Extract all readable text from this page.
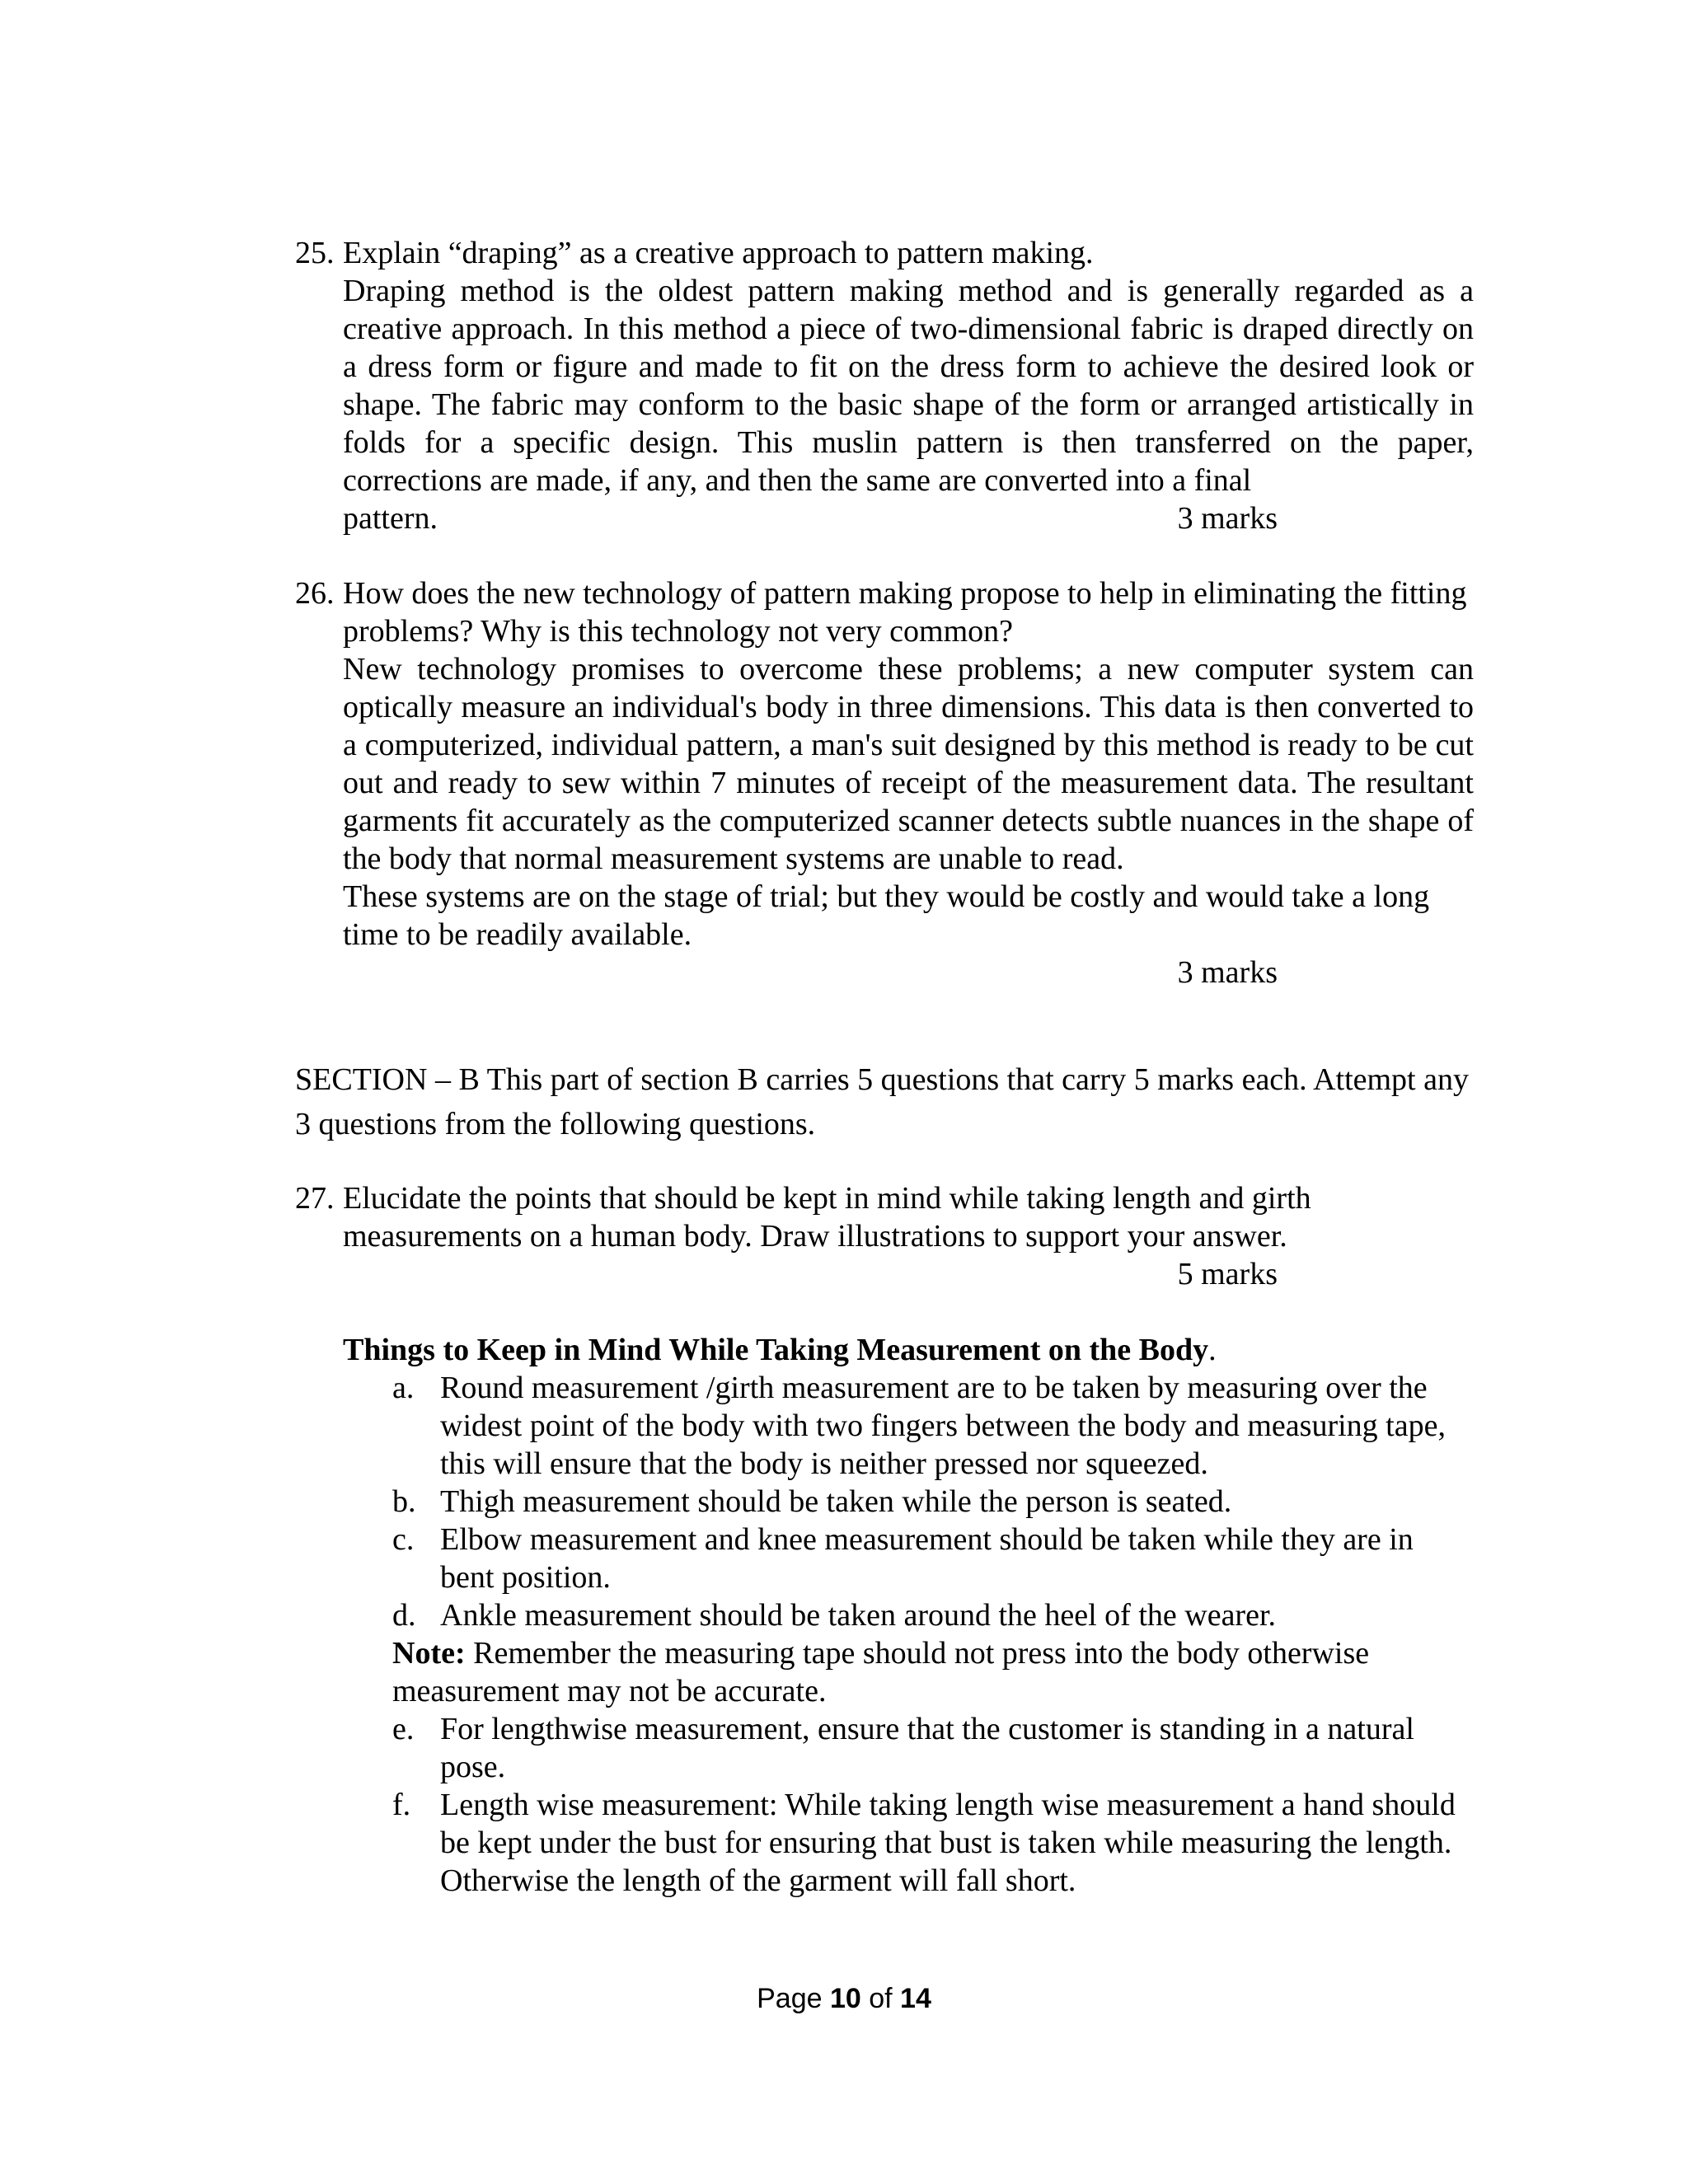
25. Explain “draping” as a creative approach to pattern making.
Draping method is the oldest pattern making method and is generally regarded as a creative approach. In this method a piece of two-dimensional fabric is draped directly on a dress form or figure and made to fit on the dress form to achieve the desired look or shape. The fabric may conform to the basic shape of the form or arranged artistically in folds for a specific design. This muslin pattern is then transferred on the paper, corrections are made, if any, and then the same are converted into a final
pattern.	3 marks
26. How does the new technology of pattern making propose to help in eliminating the fitting problems? Why is this technology not very common?
New technology promises to overcome these problems; a new computer system can optically measure an individual's body in three dimensions. This data is then converted to a computerized, individual pattern, a man's suit designed by this method is ready to be cut out and ready to sew within 7 minutes of receipt of the measurement data. The resultant garments fit accurately as the computerized scanner detects subtle nuances in the shape of the body that normal measurement systems are unable to read.
These systems are on the stage of trial; but they would be costly and would take a long time to be readily available.
3 marks
SECTION – B This part of section B carries 5 questions that carry 5 marks each. Attempt any 3 questions from the following questions.
27. Elucidate the points that should be kept in mind while taking length and girth measurements on a human body. Draw illustrations to support your answer.
5 marks
Things to Keep in Mind While Taking Measurement on the Body.
a. Round measurement /girth measurement are to be taken by measuring over the widest point of the body with two fingers between the body and measuring tape, this will ensure that the body is neither pressed nor squeezed.
b. Thigh measurement should be taken while the person is seated.
c. Elbow measurement and knee measurement should be taken while they are in bent position.
d. Ankle measurement should be taken around the heel of the wearer.
Note: Remember the measuring tape should not press into the body otherwise measurement may not be accurate.
e. For lengthwise measurement, ensure that the customer is standing in a natural pose.
f. Length wise measurement: While taking length wise measurement a hand should be kept under the bust for ensuring that bust is taken while measuring the length. Otherwise the length of the garment will fall short.
Page 10 of 14
